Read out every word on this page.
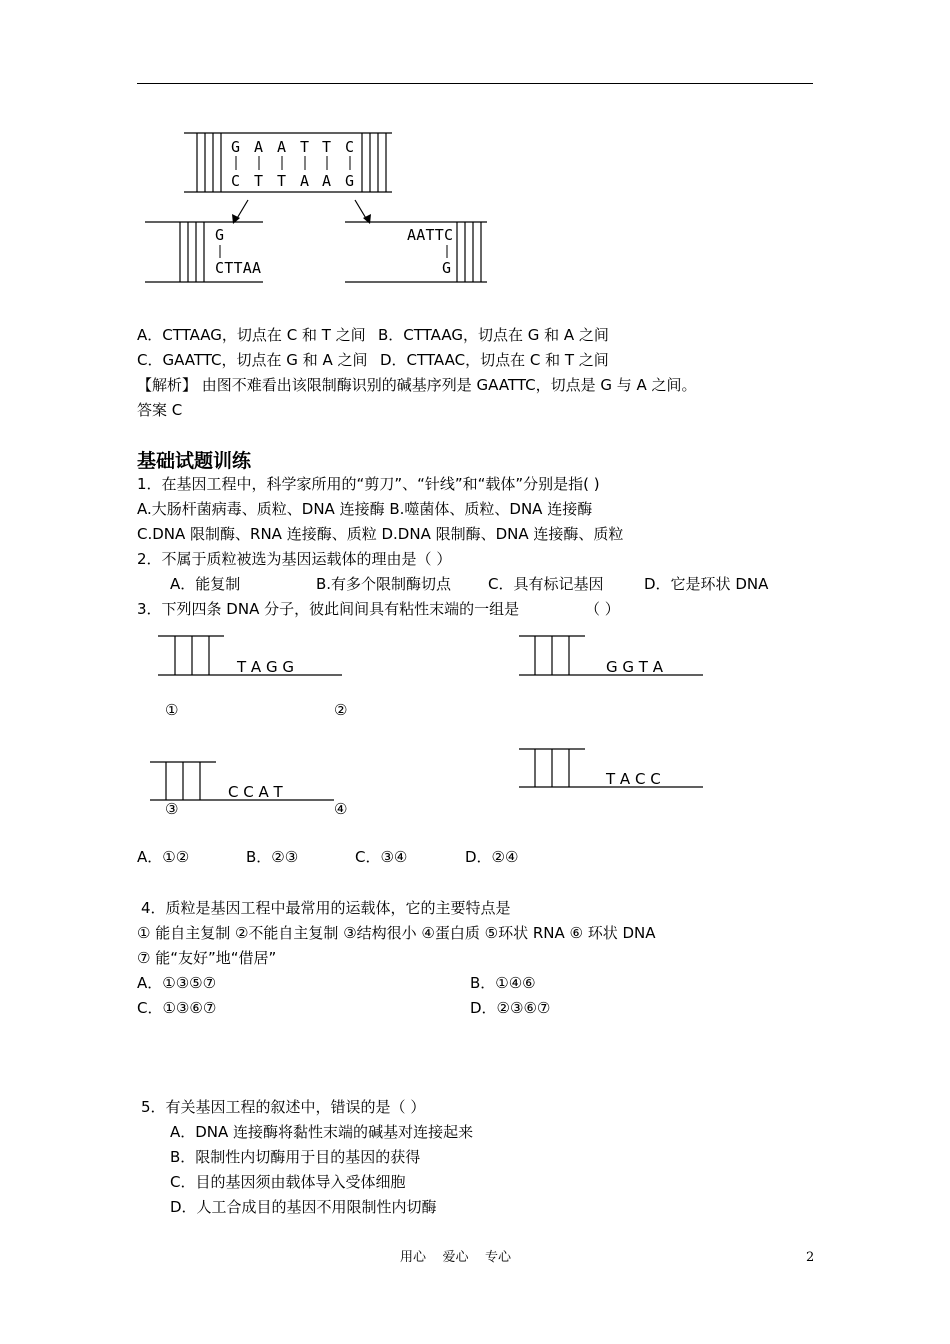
G A A T T C
C T T A A G
G
CTTAA
AATTC
G
A．CTTAAG，切点在 C 和 T 之间 B．CTTAAG，切点在 G 和 A 之间
C．GAATTC，切点在 G 和 A 之间 D．CTTAAC，切点在 C 和 T 之间
【解析】 由图不难看出该限制酶识别的碱基序列是 GAATTC，切点是 G 与 A 之间。
答案 C
基础试题训练
1．在基因工程中，科学家所用的“剪刀”、“针线”和“载体”分别是指( )
A.大肠杆菌病毒、质粒、DNA 连接酶 B.噬菌体、质粒、DNA 连接酶
C.DNA 限制酶、RNA 连接酶、质粒 D.DNA 限制酶、DNA 连接酶、质粒
2．不属于质粒被选为基因运载体的理由是（ ）
A．能复制	B.有多个限制酶切点 C．具有标记基因	D．它是环状 DNA
3．下列四条 DNA 分子，彼此间间具有粘性末端的一组是	（ ）
T A G G	G G T A
C C A T
T A C C
①	②
③	④
A．①②	B．②③	C．③④	D．②④
4．质粒是基因工程中最常用的运载体，它的主要特点是
① 能自主复制 ②不能自主复制 ③结构很小 ④蛋白质 ⑤环状 RNA ⑥ 环状 DNA
⑦ 能“友好”地“借居”
A．①③⑤⑦	B．①④⑥
C．①③⑥⑦	D．②③⑥⑦
5．有关基因工程的叙述中，错误的是（ ）
A．DNA 连接酶将黏性末端的碱基对连接起来
B．限制性内切酶用于目的基因的获得
C．目的基因须由载体导入受体细胞
D．人工合成目的基因不用限制性内切酶
用心    爱心    专心	2
